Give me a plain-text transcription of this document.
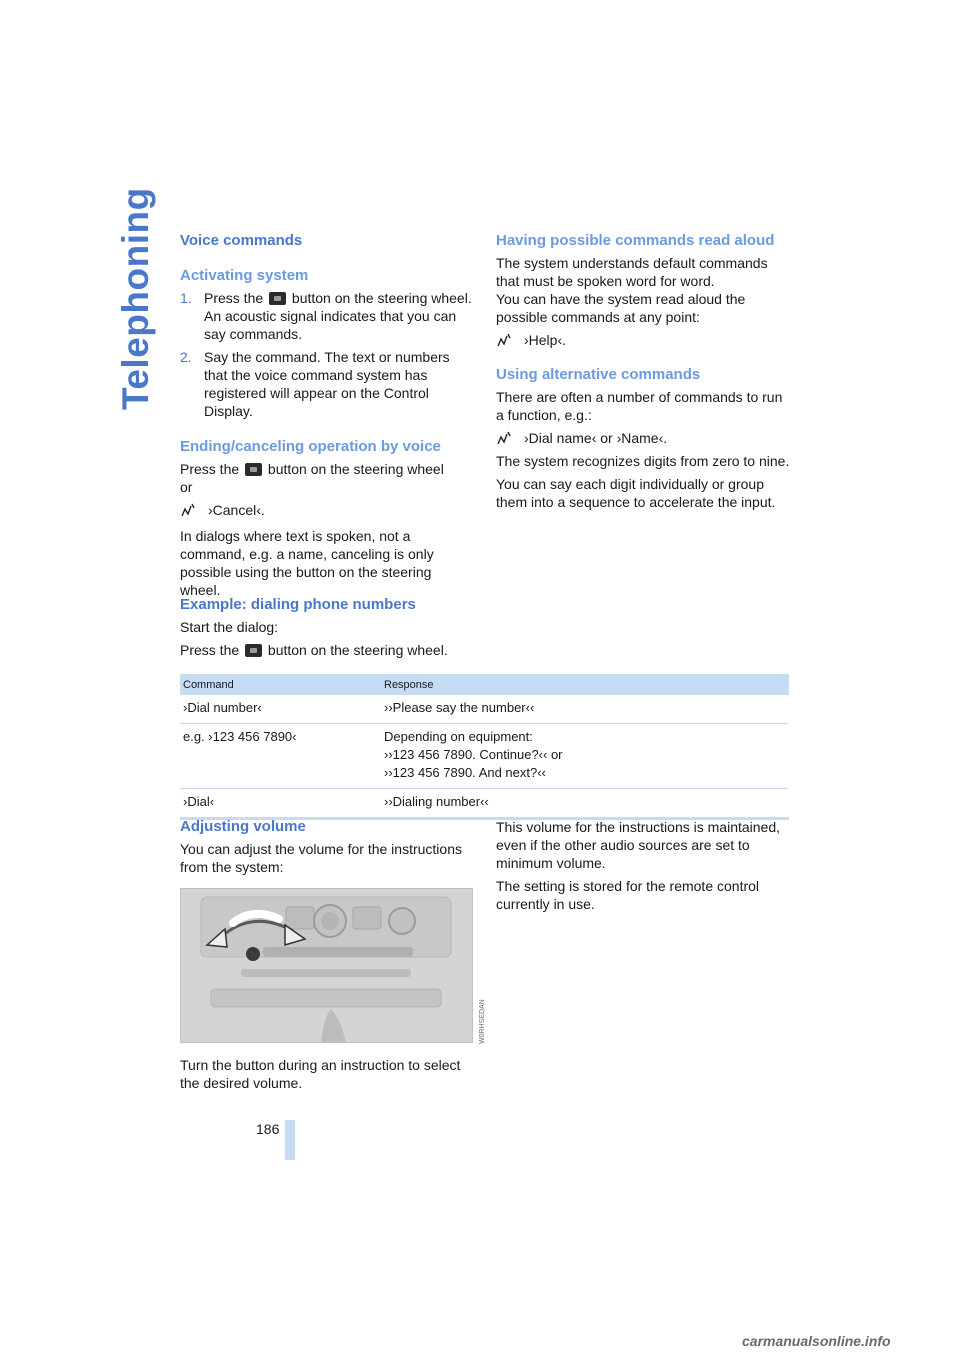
Telephoning Voice commands
Activating system
1. Press the button on the steering wheel. An acoustic signal indicates that you can say commands.
2. Say the command. The text or numbers that the voice command system has registered will appear on the Control Display.
Ending/canceling operation by voice

Press the button on the steering wheel

or

›Cancel‹.

In dialogs where text is spoken, not a command, e.g. a name, canceling is only possible using the button on the steering wheel.

Example: dialing phone numbers

Start the dialog:

Press the button on the steering wheel.

Having possible commands read aloud

The system understands default commands that must be spoken word for word.

You can have the system read aloud the possible commands at any point:

›Help‹.
Using alternative commands

There are often a number of commands to run a function, e.g.:

›Dial name‹ or ›Name‹.

The system recognizes digits from zero to nine.

You can say each digit individually or group them into a sequence to accelerate the input.

Command	Response
›Dial number‹	››Please say the number‹‹

e.g. ›123 456 7890‹	Depending on equipment:
››123 456 7890. Continue?‹‹ or
››123 456 7890. And next?‹‹

›Dial‹	››Dialing number‹‹
Adjusting volume

You can adjust the volume for the instructions from the system:

W0RHSEDAN

Turn the button during an instruction to select the desired volume.

This volume for the instructions is maintained, even if the other audio sources are set to minimum volume.

The setting is stored for the remote control currently in use.

186
carmanualsonline.info
